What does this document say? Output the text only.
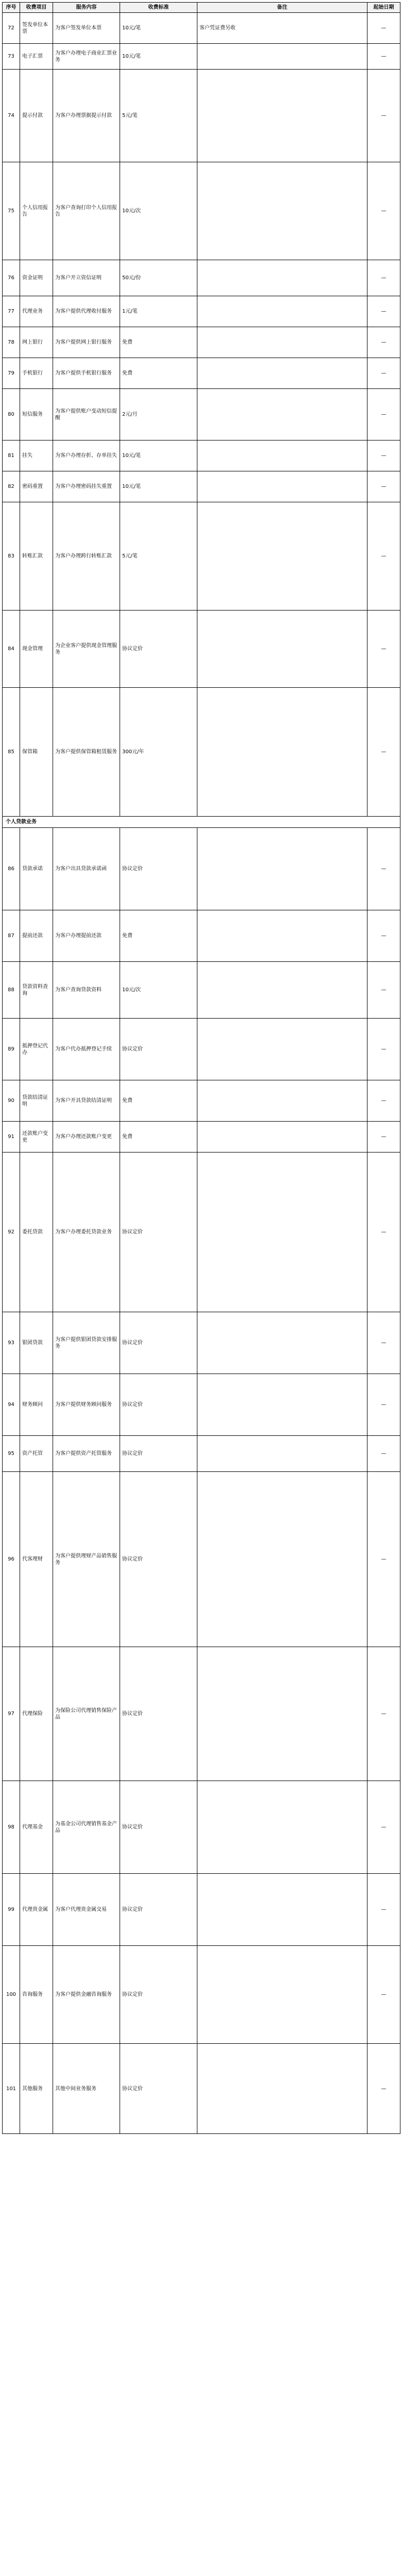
序号	收费项目	服务内容	收费标准	备注	起始日期
72	签发单位本票	为客户签发单位本票	10元/笔	客户凭证费另收	—
73	电子汇票	为客户办理电子商业汇票业务	10元/笔		—
74	提示付款	为客户办理票据提示付款	5元/笔		—
75	个人信用报告	为客户查询打印个人信用报告	10元/次		—
76	资金证明	为客户开立资信证明	50元/份		—
77	代理业务	为客户提供代理收付服务	1元/笔		—
78	网上银行	为客户提供网上银行服务	免费		—
79	手机银行	为客户提供手机银行服务	免费		—
80	短信服务	为客户提供账户变动短信提醒	2元/月		—
81	挂失	为客户办理存折、存单挂失	10元/笔		—
82	密码重置	为客户办理密码挂失重置	10元/笔		—
83	转账汇款	为客户办理跨行转账汇款	5元/笔		—
84	现金管理	为企业客户提供现金管理服务	协议定价		—
85	保管箱	为客户提供保管箱租赁服务	300元/年		—
个人贷款业务					
86	贷款承诺	为客户出具贷款承诺函	协议定价		—
87	提前还款	为客户办理提前还款	免费		—
88	贷款资料查询	为客户查询贷款资料	10元/次		—
89	抵押登记代办	为客户代办抵押登记手续	协议定价		—
90	贷款结清证明	为客户开具贷款结清证明	免费		—
91	还款账户变更	为客户办理还款账户变更	免费		—
92	委托贷款	为客户办理委托贷款业务	协议定价		—
93	银团贷款	为客户提供银团贷款安排服务	协议定价		—
94	财务顾问	为客户提供财务顾问服务	协议定价		—
95	资产托管	为客户提供资产托管服务	协议定价		—
96	代客理财	为客户提供理财产品销售服务	协议定价		—
97	代理保险	为保险公司代理销售保险产品	协议定价		—
98	代理基金	为基金公司代理销售基金产品	协议定价		—
99	代理贵金属	为客户代理贵金属交易	协议定价		—
100	咨询服务	为客户提供金融咨询服务	协议定价		—
101	其他服务	其他中间业务服务	协议定价		—
